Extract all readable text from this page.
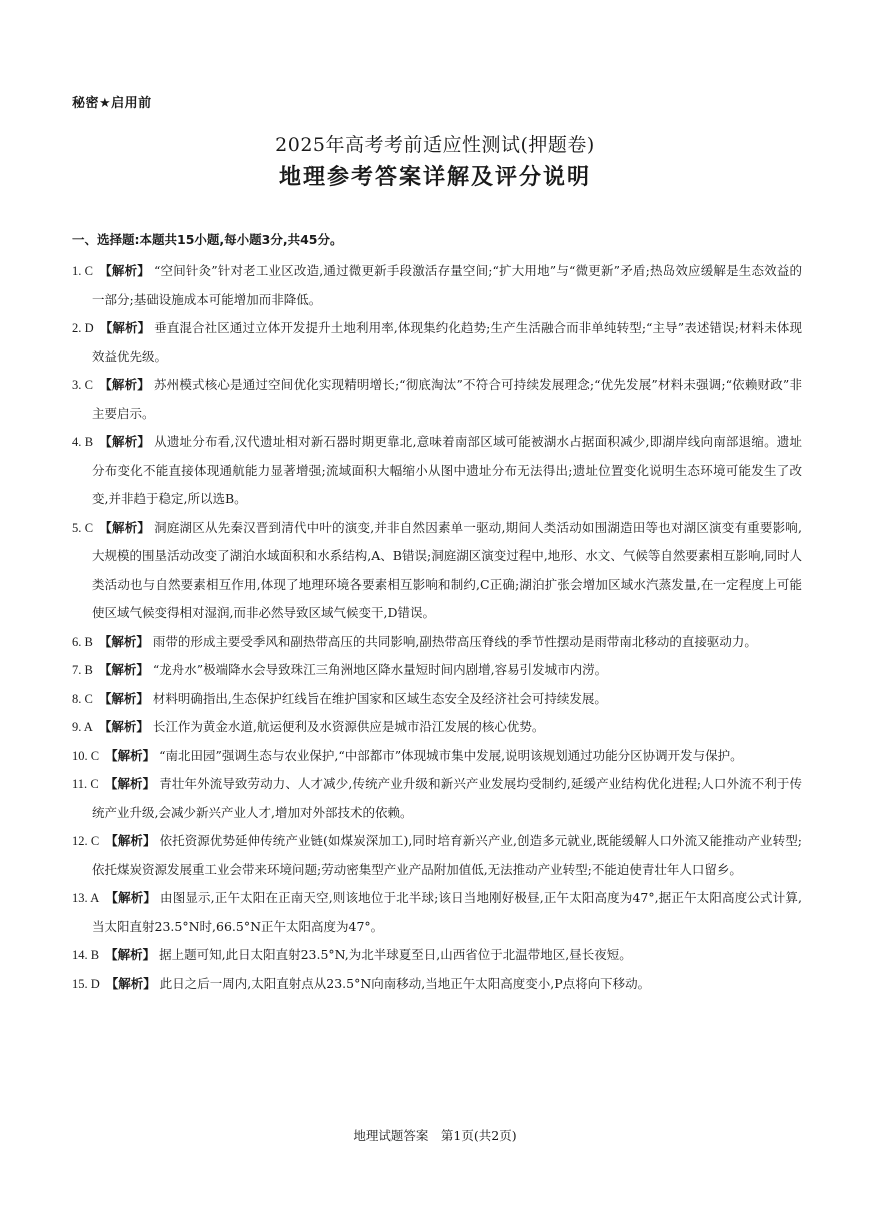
秘密★启用前
2025年高考考前适应性测试(押题卷)
地理参考答案详解及评分说明
一、选择题:本题共15小题,每小题3分,共45分。
1. C 【解析】 “空间针灸”针对老工业区改造,通过微更新手段激活存量空间;“扩大用地”与“微更新”矛盾;热岛效应缓解是生态效益的一部分;基础设施成本可能增加而非降低。
2. D 【解析】 垂直混合社区通过立体开发提升土地利用率,体现集约化趋势;生产生活融合而非单纯转型;“主导”表述错误;材料未体现效益优先级。
3. C 【解析】 苏州模式核心是通过空间优化实现精明增长;“彻底淘汰”不符合可持续发展理念;“优先发展”材料未强调;“依赖财政”非主要启示。
4. B 【解析】 从遗址分布看,汉代遗址相对新石器时期更靠北,意味着南部区域可能被湖水占据面积减少,即湖岸线向南部退缩。遗址分布变化不能直接体现通航能力显著增强;流域面积大幅缩小从图中遗址分布无法得出;遗址位置变化说明生态环境可能发生了改变,并非趋于稳定,所以选B。
5. C 【解析】 洞庭湖区从先秦汉晋到清代中叶的演变,并非自然因素单一驱动,期间人类活动如围湖造田等也对湖区演变有重要影响,大规模的围垦活动改变了湖泊水域面积和水系结构,A、B错误;洞庭湖区演变过程中,地形、水文、气候等自然要素相互影响,同时人类活动也与自然要素相互作用,体现了地理环境各要素相互影响和制约,C正确;湖泊扩张会增加区域水汽蒸发量,在一定程度上可能使区域气候变得相对湿润,而非必然导致区域气候变干,D错误。
6. B 【解析】 雨带的形成主要受季风和副热带高压的共同影响,副热带高压脊线的季节性摆动是雨带南北移动的直接驱动力。
7. B 【解析】 “龙舟水”极端降水会导致珠江三角洲地区降水量短时间内剧增,容易引发城市内涝。
8. C 【解析】 材料明确指出,生态保护红线旨在维护国家和区域生态安全及经济社会可持续发展。
9. A 【解析】 长江作为黄金水道,航运便利及水资源供应是城市沿江发展的核心优势。
10. C 【解析】 “南北田园”强调生态与农业保护,“中部都市”体现城市集中发展,说明该规划通过功能分区协调开发与保护。
11. C 【解析】 青壮年外流导致劳动力、人才减少,传统产业升级和新兴产业发展均受制约,延缓产业结构优化进程;人口外流不利于传统产业升级,会减少新兴产业人才,增加对外部技术的依赖。
12. C 【解析】 依托资源优势延伸传统产业链(如煤炭深加工),同时培育新兴产业,创造多元就业,既能缓解人口外流又能推动产业转型;依托煤炭资源发展重工业会带来环境问题;劳动密集型产业产品附加值低,无法推动产业转型;不能迫使青壮年人口留乡。
13. A 【解析】 由图显示,正午太阳在正南天空,则该地位于北半球;该日当地刚好极昼,正午太阳高度为47°,据正午太阳高度公式计算,当太阳直射23.5°N时,66.5°N正午太阳高度为47°。
14. B 【解析】 据上题可知,此日太阳直射23.5°N,为北半球夏至日,山西省位于北温带地区,昼长夜短。
15. D 【解析】 此日之后一周内,太阳直射点从23.5°N向南移动,当地正午太阳高度变小,P点将向下移动。
地理试题答案　第1页(共2页)
